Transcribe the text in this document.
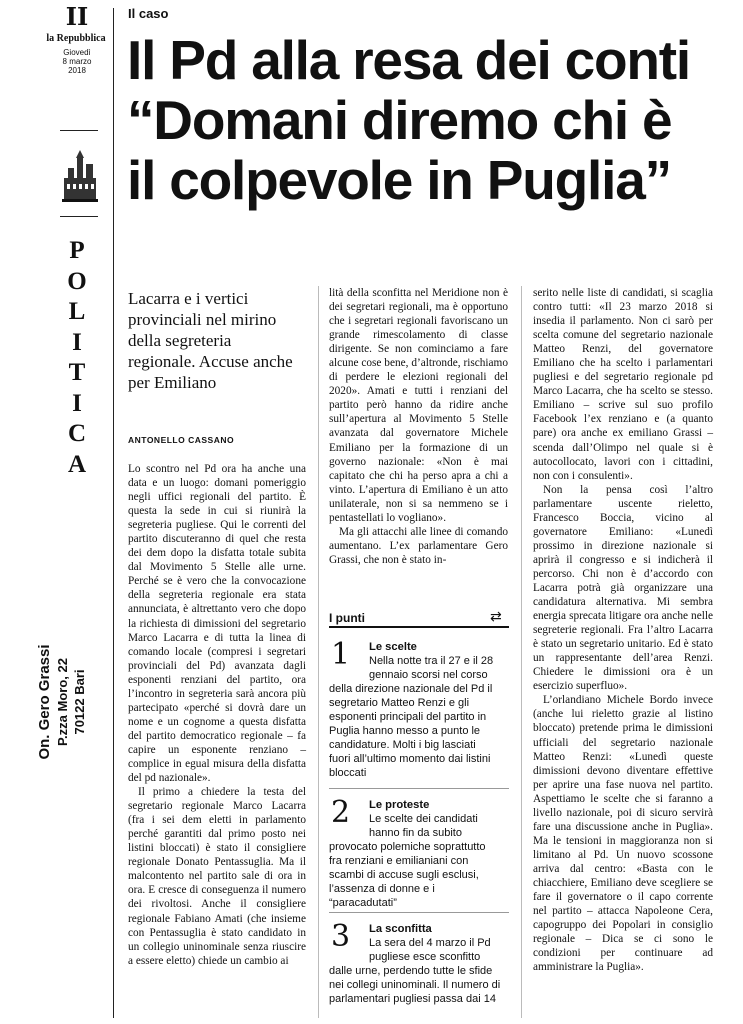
II
la Repubblica
Giovedì
8 marzo
2018
P
O
L
I
T
I
C
A
On. Gero Grassi P.zza Moro, 22 70122 Bari
Il caso
Il Pd alla resa dei conti
“Domani diremo chi è
il colpevole in Puglia”

Lacarra e i vertici provinciali nel mirino della segreteria regionale. Accuse anche per Emiliano

ANTONELLO CASSANO

Lo scontro nel Pd ora ha anche una data e un luogo: domani pomeriggio negli uffici regionali del partito. È questa la sede in cui si riunirà la segreteria pugliese. Qui le correnti del partito discuteranno di quel che resta dei dem dopo la disfatta totale subita dal Movimento 5 Stelle alle urne. Perché se è vero che la convocazione della segreteria regionale era stata annunciata, è altrettanto vero che dopo la richiesta di dimissioni del segretario Marco Lacarra e di tutta la linea di comando locale (compresi i segretari provinciali del Pd) avanzata dagli esponenti renziani del partito, ora l’incontro in segreteria sarà ancora più partecipato «perché si dovrà dare un nome e un cognome a questa disfatta del partito democratico regionale – fa capire un esponente renziano – complice in egual misura della disfatta del pd nazionale».

Il primo a chiedere la testa del segretario regionale Marco Lacarra (fra i sei dem eletti in parlamento perché garantiti dal primo posto nei listini bloccati) è stato il consigliere regionale Donato Pentassuglia. Ma il malcontento nel partito sale di ora in ora. E cresce di conseguenza il numero dei rivoltosi. Anche il consigliere regionale Fabiano Amati (che insieme con Pentassuglia è stato candidato in un collegio uninominale senza riuscire a essere eletto) chiede un cambio ai

lità della sconfitta nel Meridione non è dei segretari regionali, ma è opportuno che i segretari regionali favoriscano un grande rimescolamento di classe dirigente. Se non cominciamo a fare alcune cose bene, d’altronde, rischiamo di perdere le elezioni regionali del 2020». Amati e tutti i renziani del partito però hanno da ridire anche sull’apertura al Movimento 5 Stelle avanzata dal governatore Michele Emiliano per la formazione di un governo nazionale: «Non è mai capitato che chi ha perso apra a chi a vinto. L’apertura di Emiliano è un atto unilaterale, non si sa nemmeno se i pentastellati lo vogliano».

Ma gli attacchi alle linee di comando aumentano. L’ex parlamentare Gero Grassi, che non è stato in-

I punti	⇄
1 Le scelte
Nella notte tra il 27 e il 28
gennaio scorsi nel corso
della direzione nazionale del Pd il
segretario Matteo Renzi e gli
esponenti principali del partito in
Puglia hanno messo a punto le
candidature. Molti i big lasciati
fuori all’ultimo momento dai listini
bloccati
2 Le proteste
Le scelte dei candidati
hanno fin da subito
provocato polemiche soprattutto
fra renziani e emilianiani con
scambi di accuse sugli esclusi,
l’assenza di donne e i
“paracadutati”
3 La sconfitta
La sera del 4 marzo il Pd
pugliese esce sconfitto
dalle urne, perdendo tutte le sfide
nei collegi uninominali. Il numero di
parlamentari pugliesi passa dai 14

serito nelle liste di candidati, si scaglia contro tutti: «Il 23 marzo 2018 si insedia il parlamento. Non ci sarò per scelta comune del segretario nazionale Matteo Renzi, del governatore Emiliano che ha scelto i parlamentari pugliesi e del segretario regionale pd Marco Lacarra, che ha scelto se stesso. Emiliano – scrive sul suo profilo Facebook l’ex renziano e (a quanto pare) ora anche ex emiliano Grassi – scenda dall’Olimpo nel quale si è autocollocato, lavori con i cittadini, non con i consulenti».

Non la pensa così l’altro parlamentare uscente rieletto, Francesco Boccia, vicino al governatore Emiliano: «Lunedì prossimo in direzione nazionale si aprirà il congresso e si indicherà il percorso. Chi non è d’accordo con Lacarra potrà già organizzare una candidatura alternativa. Mi sembra energia sprecata litigare ora anche nelle segreterie regionali. Fra l’altro Lacarra è stato un segretario unitario. Ed è stato un rappresentante dell’area Renzi. Chiedere le dimissioni ora è un esercizio superfluo».

L’orlandiano Michele Bordo invece (anche lui rieletto grazie al listino bloccato) pretende prima le dimissioni ufficiali del segretario nazionale Matteo Renzi: «Lunedì queste dimissioni devono diventare effettive per aprire una fase nuova nel partito. Aspettiamo le scelte che si faranno a livello nazionale, poi di sicuro servirà fare una discussione anche in Puglia». Ma le tensioni in maggioranza non si limitano al Pd. Un nuovo scossone arriva dal centro: «Basta con le chiacchiere, Emiliano deve scegliere se fare il governatore o il capo corrente nel partito – attacca Napoleone Cera, capogruppo dei Popolari in consiglio regionale – Dica se ci sono le condizioni per continuare ad amministrare la Puglia».
